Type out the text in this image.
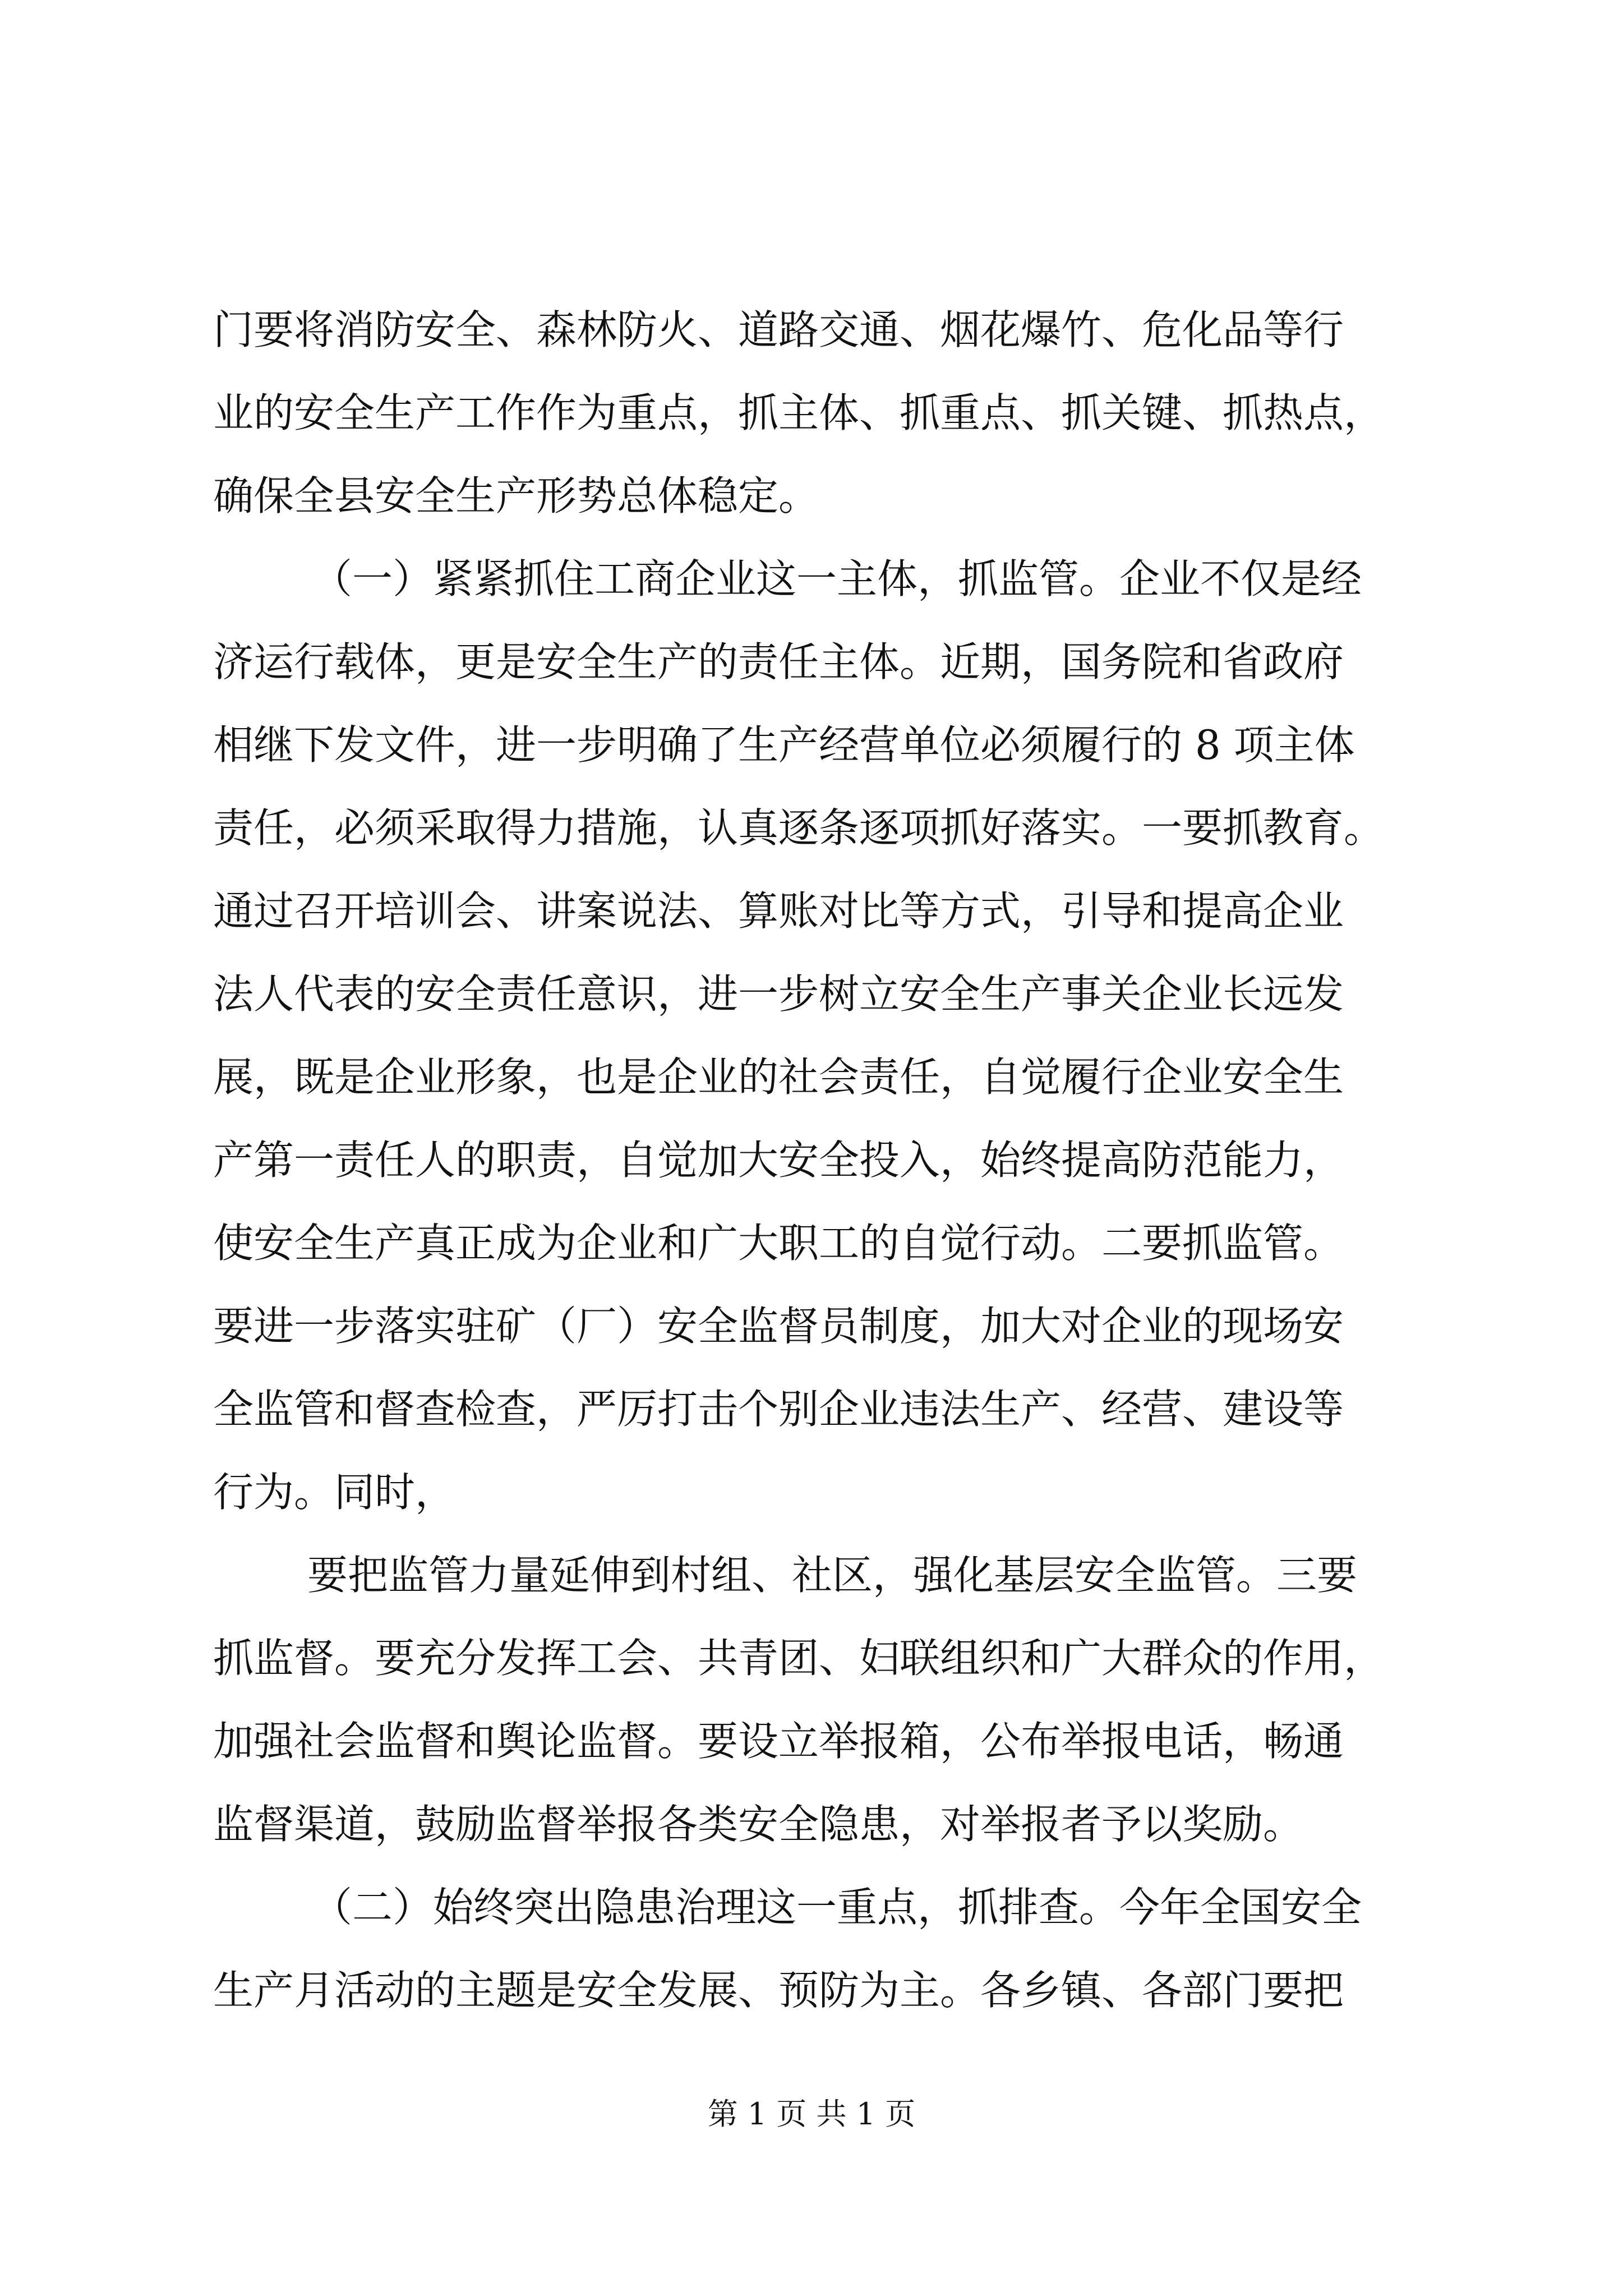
门要将消防安全、森林防火、道路交通、烟花爆竹、危化品等行
业的安全生产工作作为重点，抓主体、抓重点、抓关键、抓热点，
确保全县安全生产形势总体稳定。
（一）紧紧抓住工商企业这一主体，抓监管。企业不仅是经
济运行载体，更是安全生产的责任主体。近期，国务院和省政府
相继下发文件，进一步明确了生产经营单位必须履行的 8 项主体
责任，必须采取得力措施，认真逐条逐项抓好落实。一要抓教育。
通过召开培训会、讲案说法、算账对比等方式，引导和提高企业
法人代表的安全责任意识，进一步树立安全生产事关企业长远发
展，既是企业形象，也是企业的社会责任，自觉履行企业安全生
产第一责任人的职责，自觉加大安全投入，始终提高防范能力，
使安全生产真正成为企业和广大职工的自觉行动。二要抓监管。
要进一步落实驻矿（厂）安全监督员制度，加大对企业的现场安
全监管和督查检查，严厉打击个别企业违法生产、经营、建设等
行为。同时，
要把监管力量延伸到村组、社区，强化基层安全监管。三要
抓监督。要充分发挥工会、共青团、妇联组织和广大群众的作用，
加强社会监督和舆论监督。要设立举报箱，公布举报电话，畅通
监督渠道，鼓励监督举报各类安全隐患，对举报者予以奖励。
（二）始终突出隐患治理这一重点，抓排查。今年全国安全
生产月活动的主题是安全发展、预防为主。各乡镇、各部门要把
第 1 页 共 1 页
